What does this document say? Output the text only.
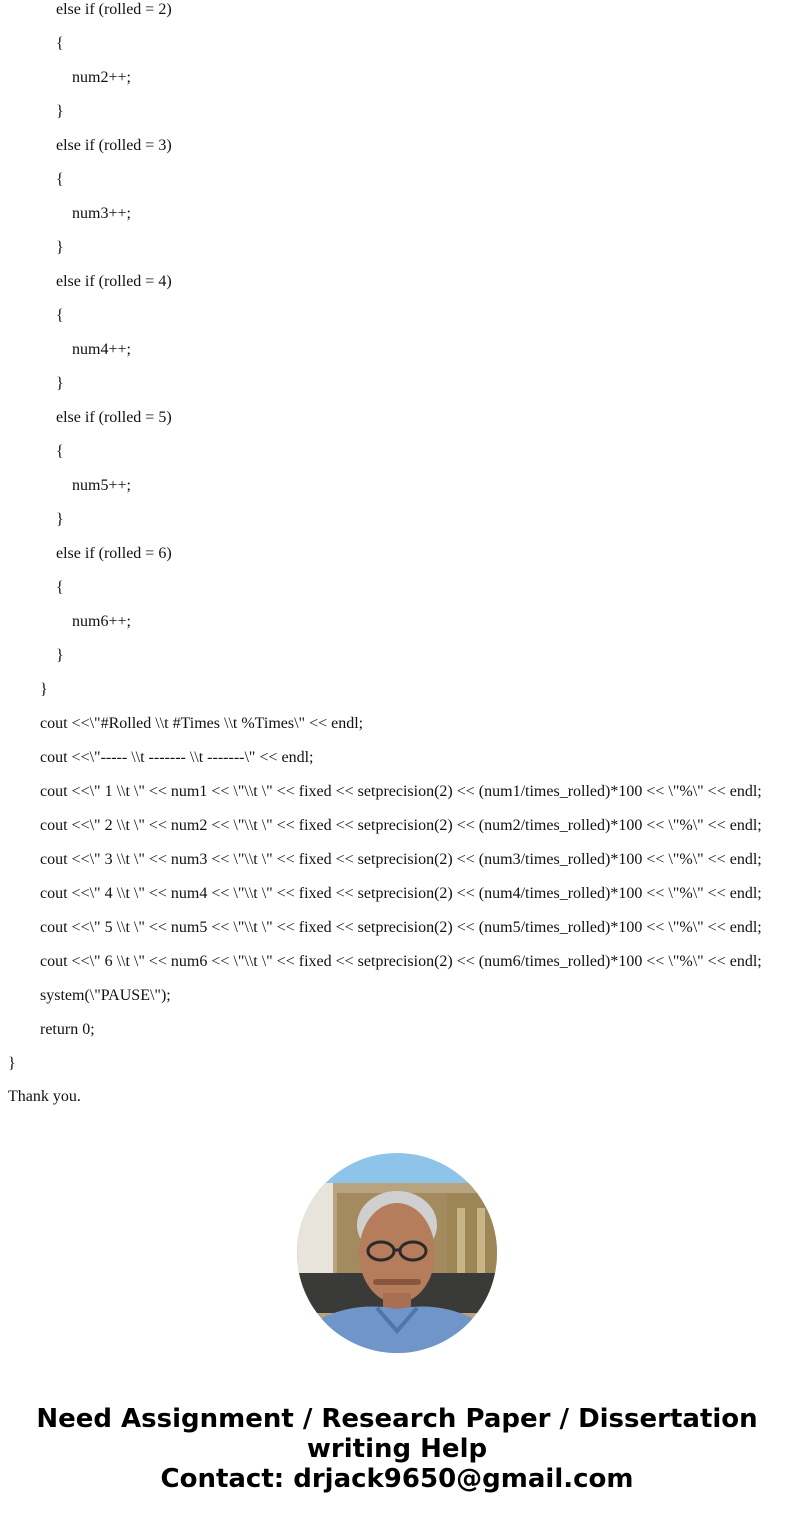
else if (rolled = 2)
{
num2++;
}
else if (rolled = 3)
{
num3++;
}
else if (rolled = 4)
{
num4++;
}
else if (rolled = 5)
{
num5++;
}
else if (rolled = 6)
{
num6++;
}
}
cout <<\"#Rolled \\t #Times \\t %Times\" << endl;
cout <<\"----- \\t ------- \\t -------\" << endl;
cout <<\" 1 \\t \" << num1 << \"\\t \" << fixed << setprecision(2) << (num1/times_rolled)*100 << \"%\" << endl;
cout <<\" 2 \\t \" << num2 << \"\\t \" << fixed << setprecision(2) << (num2/times_rolled)*100 << \"%\" << endl;
cout <<\" 3 \\t \" << num3 << \"\\t \" << fixed << setprecision(2) << (num3/times_rolled)*100 << \"%\" << endl;
cout <<\" 4 \\t \" << num4 << \"\\t \" << fixed << setprecision(2) << (num4/times_rolled)*100 << \"%\" << endl;
cout <<\" 5 \\t \" << num5 << \"\\t \" << fixed << setprecision(2) << (num5/times_rolled)*100 << \"%\" << endl;
cout <<\" 6 \\t \" << num6 << \"\\t \" << fixed << setprecision(2) << (num6/times_rolled)*100 << \"%\" << endl;
system(\"PAUSE\");
return 0;
}
Thank you.
Need Assignment / Research Paper / Dissertation
writing Help
Contact: drjack9650@gmail.com
